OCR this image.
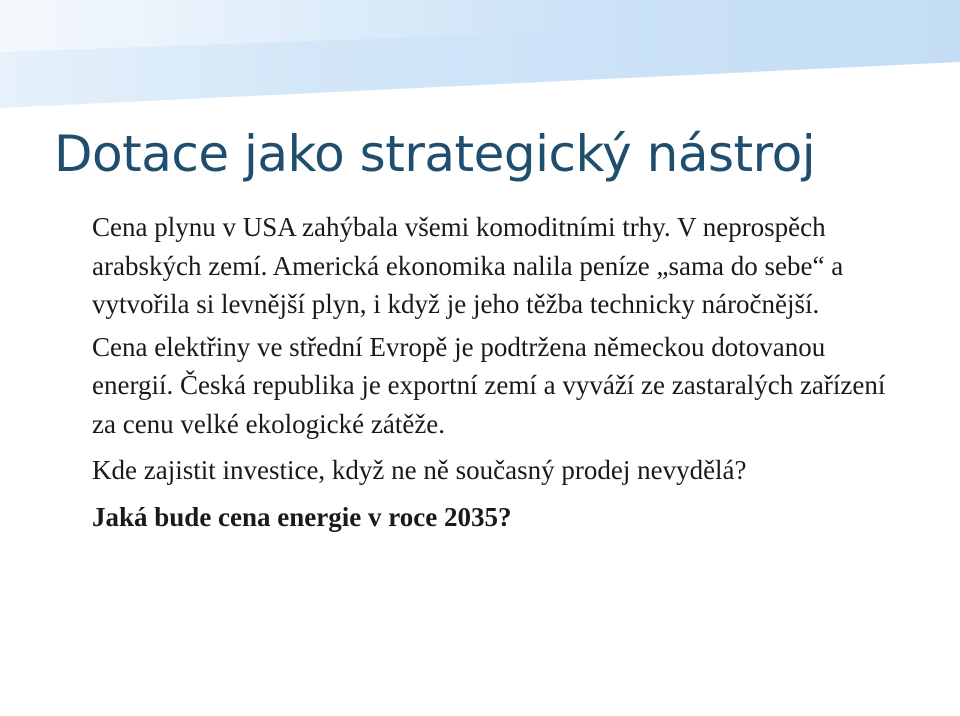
Dotace jako strategický nástroj

Cena plynu v USA zahýbala všemi komoditními trhy. V neprospěch arabských zemí. Americká ekonomika nalila peníze „sama do sebe“ a vytvořila si levnější plyn, i když je jeho těžba technicky náročnější.

Cena elektřiny ve střední Evropě je podtržena německou dotovanou energií. Česká republika je exportní zemí a vyváží ze zastaralých zařízení za cenu velké ekologické zátěže.

Kde zajistit investice, když ne ně současný prodej nevydělá?

Jaká bude cena energie v roce 2035?
